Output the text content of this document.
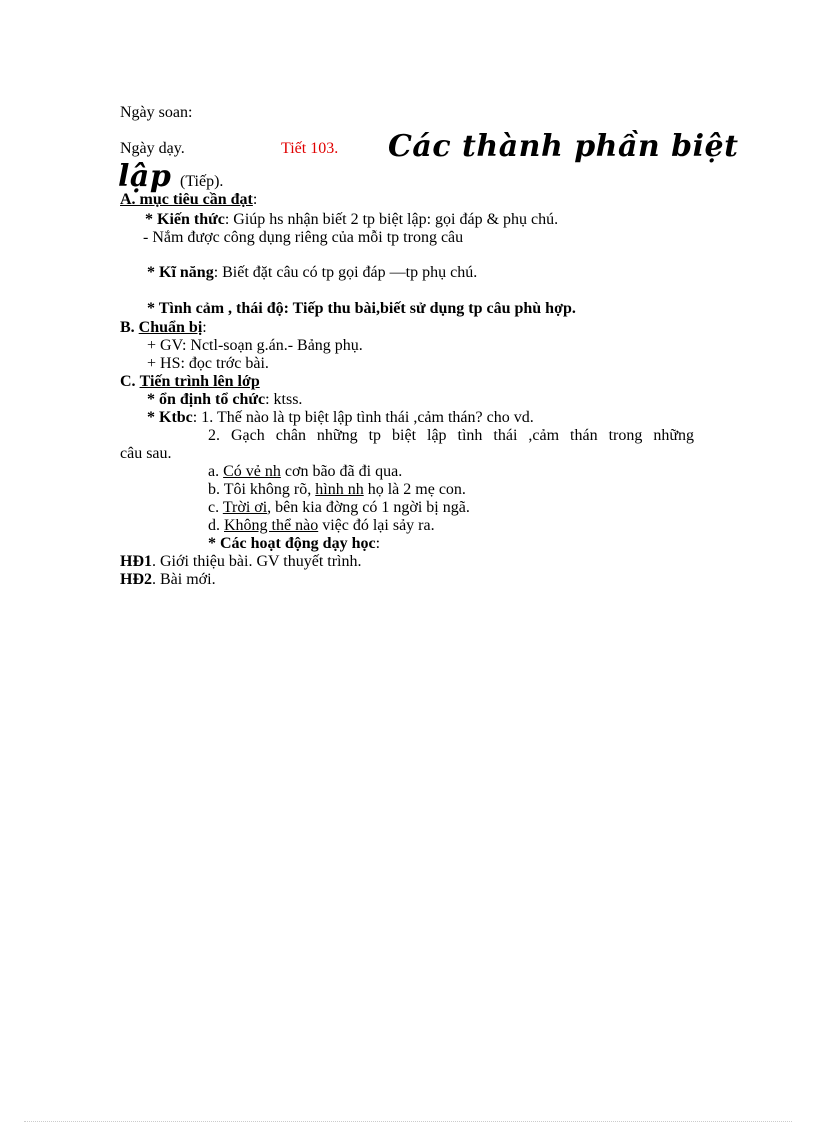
Ngày soan:
Ngày dạy.	Tiết 103. Các thành phần biệt
lập (Tiếp).
A. mục tiêu cần đạt:
* Kiến thức: Giúp hs nhận biết 2 tp biệt lập: gọi đáp & phụ chú.
- Nắm được công dụng riêng của mỗi tp trong câu
* Kĩ năng: Biết đặt câu có tp gọi đáp —tp phụ chú.
* Tình cảm , thái độ: Tiếp thu bài,biết sử dụng tp câu phù hợp.
B. Chuẩn bị:
+ GV: Nctl-soạn g.án.- Bảng phụ.
+ HS: đọc trớc bài.
C. Tiến trình lên lớp
* ổn định tổ chức: ktss.
* Ktbc: 1. Thế nào là tp biệt lập tình thái ,cảm thán? cho vd.
2. Gạch chân những tp biệt lập tình thái ,cảm thán trong những
câu sau.
a. Có vẻ nh cơn bão đã đi qua.
b. Tôi không rõ, hình nh họ là 2 mẹ con.
c. Trời ơi, bên kia đờng có 1 ngời bị ngã.
d. Không thể nào việc đó lại sảy ra.
* Các hoạt động dạy học:
HĐ1. Giới thiệu bài. GV thuyết trình.
HĐ2. Bài mới.
